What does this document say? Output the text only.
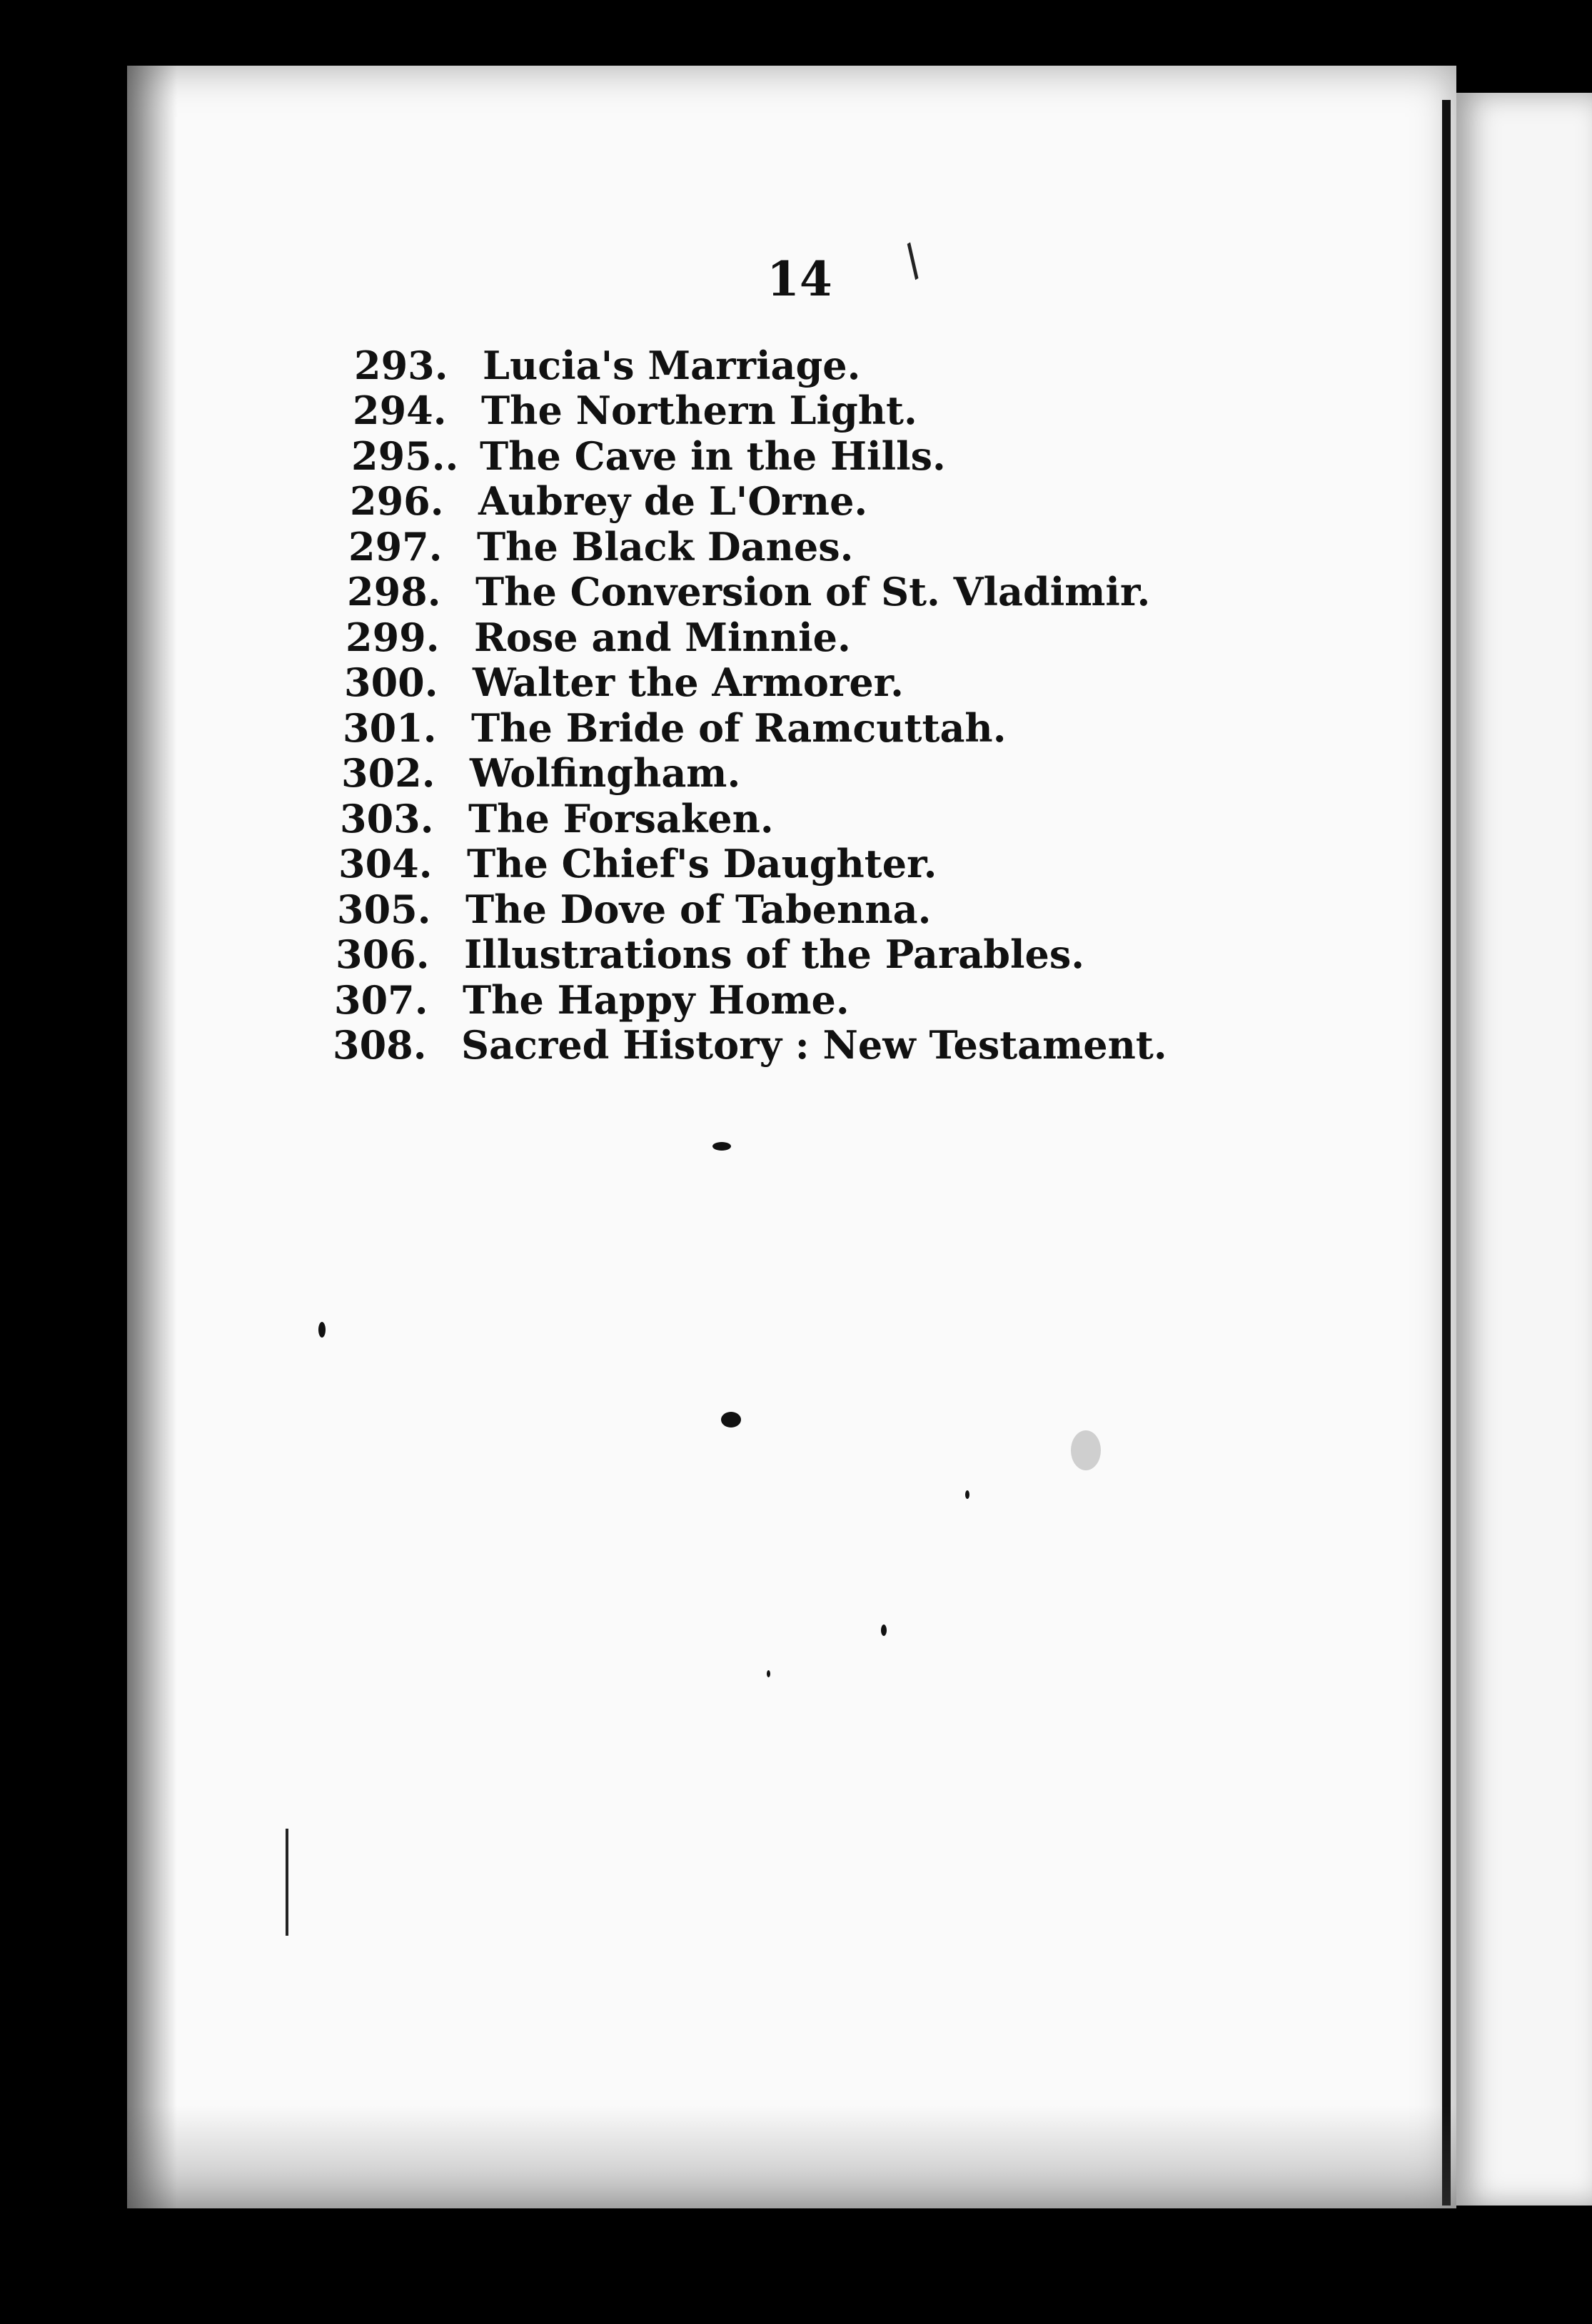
/
14
293. Lucia's Marriage.
294. The Northern Light.
295.. The Cave in the Hills.
296. Aubrey de L'Orne.
297. The Black Danes.
298. The Conversion of St. Vladimir.
299. Rose and Minnie.
300. Walter the Armorer.
301. The Bride of Ramcuttah.
302. Wolfingham.
303. The Forsaken.
304. The Chief's Daughter.
305. The Dove of Tabenna.
306. Illustrations of the Parables.
307. The Happy Home.
308. Sacred History : New Testament.
